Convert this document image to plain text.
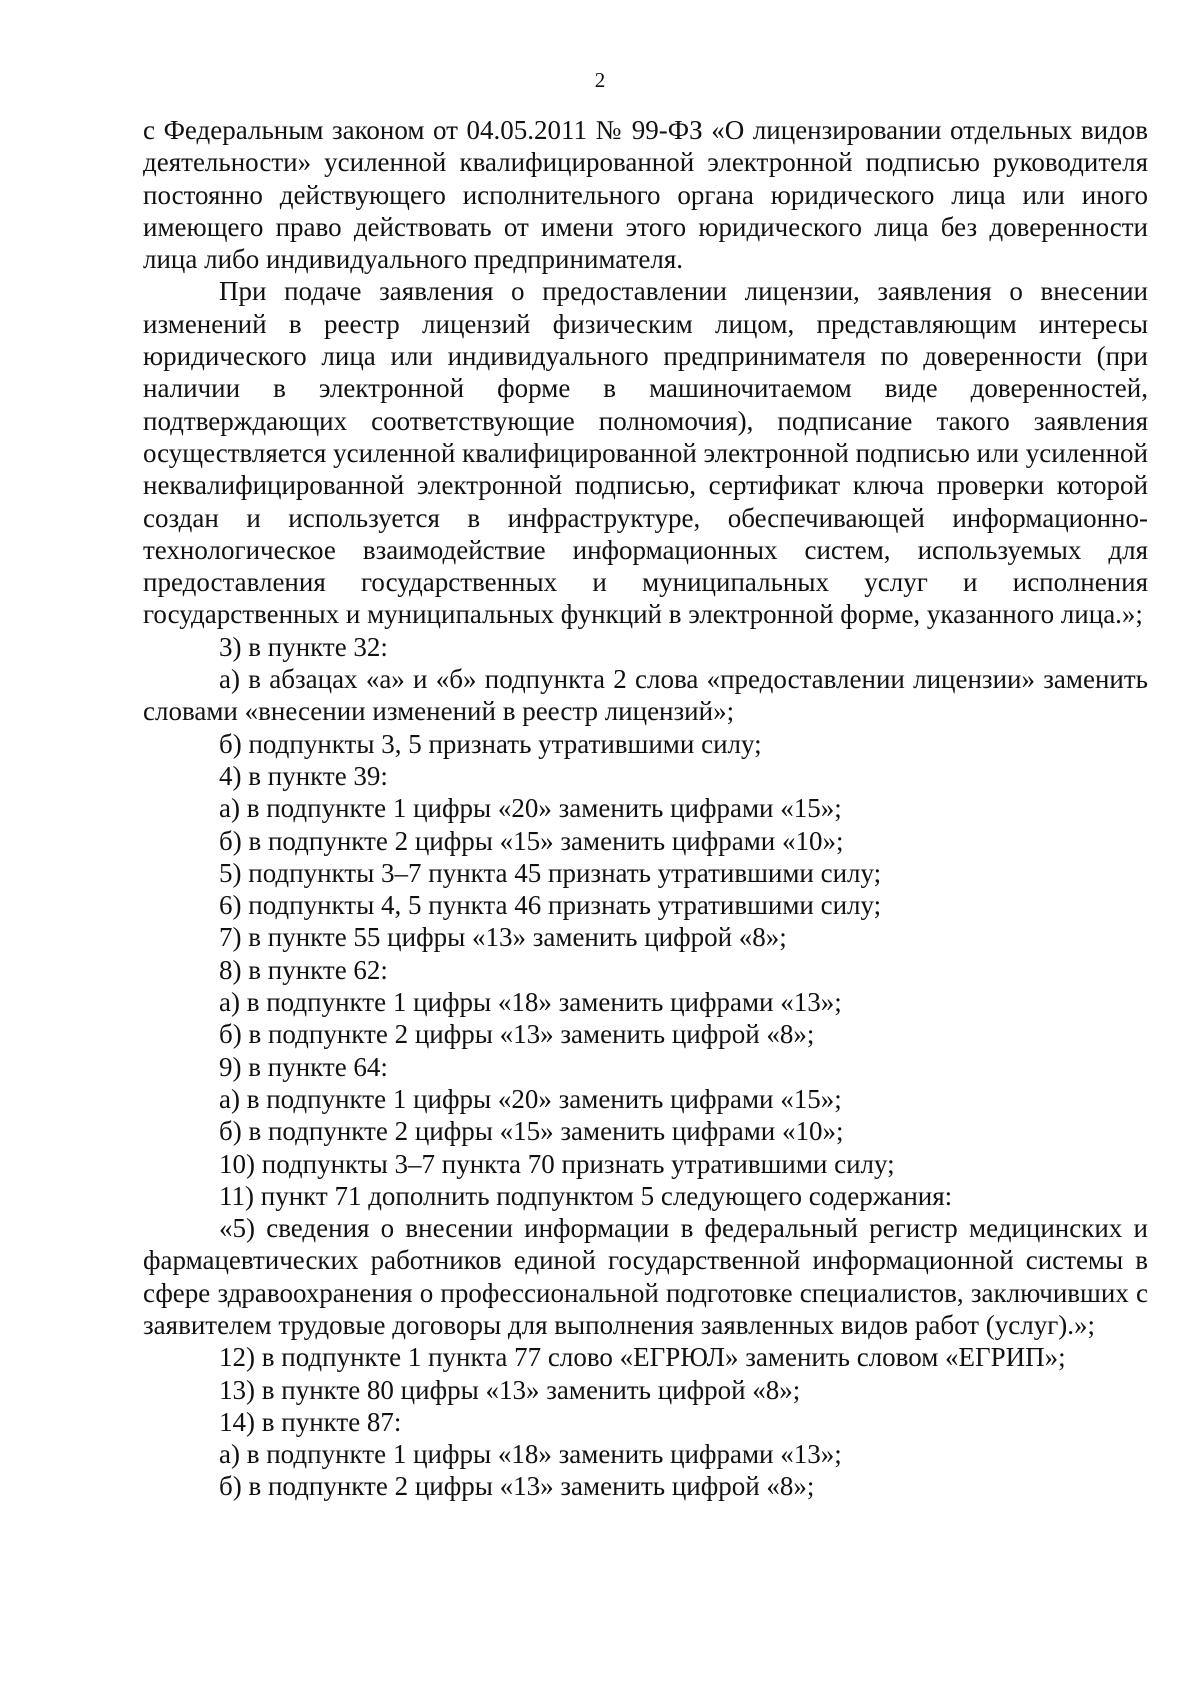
2

с Федеральным законом от 04.05.2011 № 99-ФЗ «О лицензировании отдельных видов деятельности» усиленной квалифицированной электронной подписью руководителя постоянно действующего исполнительного органа юридического лица или иного имеющего право действовать от имени этого юридического лица без доверенности лица либо индивидуального предпринимателя.

При подаче заявления о предоставлении лицензии, заявления о внесении изменений в реестр лицензий физическим лицом, представляющим интересы юридического лица или индивидуального предпринимателя по доверенности (при наличии в электронной форме в машиночитаемом виде доверенностей, подтверждающих соответствующие полномочия), подписание такого заявления осуществляется усиленной квалифицированной электронной подписью или усиленной неквалифицированной электронной подписью, сертификат ключа проверки которой создан и используется в инфраструктуре, обеспечивающей информационно-технологическое взаимодействие информационных систем, используемых для предоставления государственных и муниципальных услуг и исполнения государственных и муниципальных функций в электронной форме, указанного лица.»;

3) в пункте 32:

а) в абзацах «а» и «б» подпункта 2 слова «предоставлении лицензии» заменить словами «внесении изменений в реестр лицензий»;

б) подпункты 3, 5 признать утратившими силу;

4) в пункте 39:

а) в подпункте 1 цифры «20» заменить цифрами «15»;

б) в подпункте 2 цифры «15» заменить цифрами «10»;

5) подпункты 3–7 пункта 45 признать утратившими силу;

6) подпункты 4, 5 пункта 46 признать утратившими силу;

7) в пункте 55 цифры «13» заменить цифрой «8»;

8) в пункте 62:

а) в подпункте 1 цифры «18» заменить цифрами «13»;

б) в подпункте 2 цифры «13» заменить цифрой «8»;

9) в пункте 64:

а) в подпункте 1 цифры «20» заменить цифрами «15»;

б) в подпункте 2 цифры «15» заменить цифрами «10»;

10) подпункты 3–7 пункта 70 признать утратившими силу;

11) пункт 71 дополнить подпунктом 5 следующего содержания:

«5) сведения о внесении информации в федеральный регистр медицинских и фармацевтических работников единой государственной информационной системы в сфере здравоохранения о профессиональной подготовке специалистов, заключивших с заявителем трудовые договоры для выполнения заявленных видов работ (услуг).»;

12) в подпункте 1 пункта 77 слово «ЕГРЮЛ» заменить словом «ЕГРИП»;

13) в пункте 80 цифры «13» заменить цифрой «8»;

14) в пункте 87:

а) в подпункте 1 цифры «18» заменить цифрами «13»;

б) в подпункте 2 цифры «13» заменить цифрой «8»;
